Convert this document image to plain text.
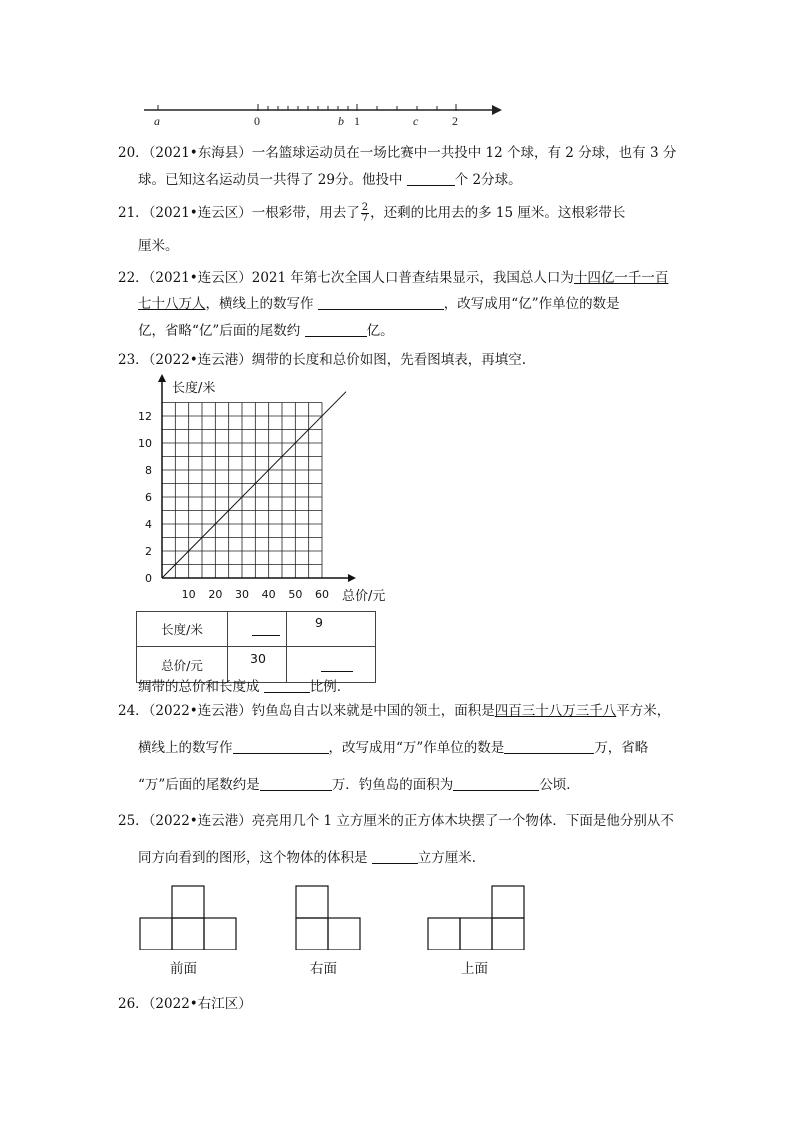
a	0	b 1	c	2
20．（2021•东海县）一名篮球运动员在一场比赛中一共投中 12 个球，有 2 分球，也有 3 分
球。已知这名运动员一共得了 29分。他投中	个 2分球。
21．（2021•连云区）一根彩带，用去了 $\frac{2}{7}$ ，还剩的比用去的多 15 厘米。这根彩带长
厘米。
22．（2021•连云区）2021 年第七次全国人口普查结果显示，我国总人口为十四亿一千一百
七十八万人，横线上的数写作	，改写成用“亿”作单位的数是
亿，省略“亿”后面的尾数约	亿。
23．（2022•连云港）绸带的长度和总价如图，先看图填表，再填空.
10 20 30 40 50 60
0
2
4
6
8
10
12
长度/米
总价/元
长度/米		9
总价/元	30	
绸带的总价和长度成	比例.
24．（2022•连云港）钓鱼岛自古以来就是中国的领土，面积是四百三十八万三千八平方米，
横线上的数写作	，改写成用“万”作单位的数是	万，省略
“万”后面的尾数约是	万．钓鱼岛的面积为	公顷．
25．（2022•连云港）亮亮用几个 1 立方厘米的正方体木块摆了一个物体．下面是他分别从不
同方向看到的图形，这个物体的体积是	立方厘米．
前面	右面	上面
26．（2022•右江区）
